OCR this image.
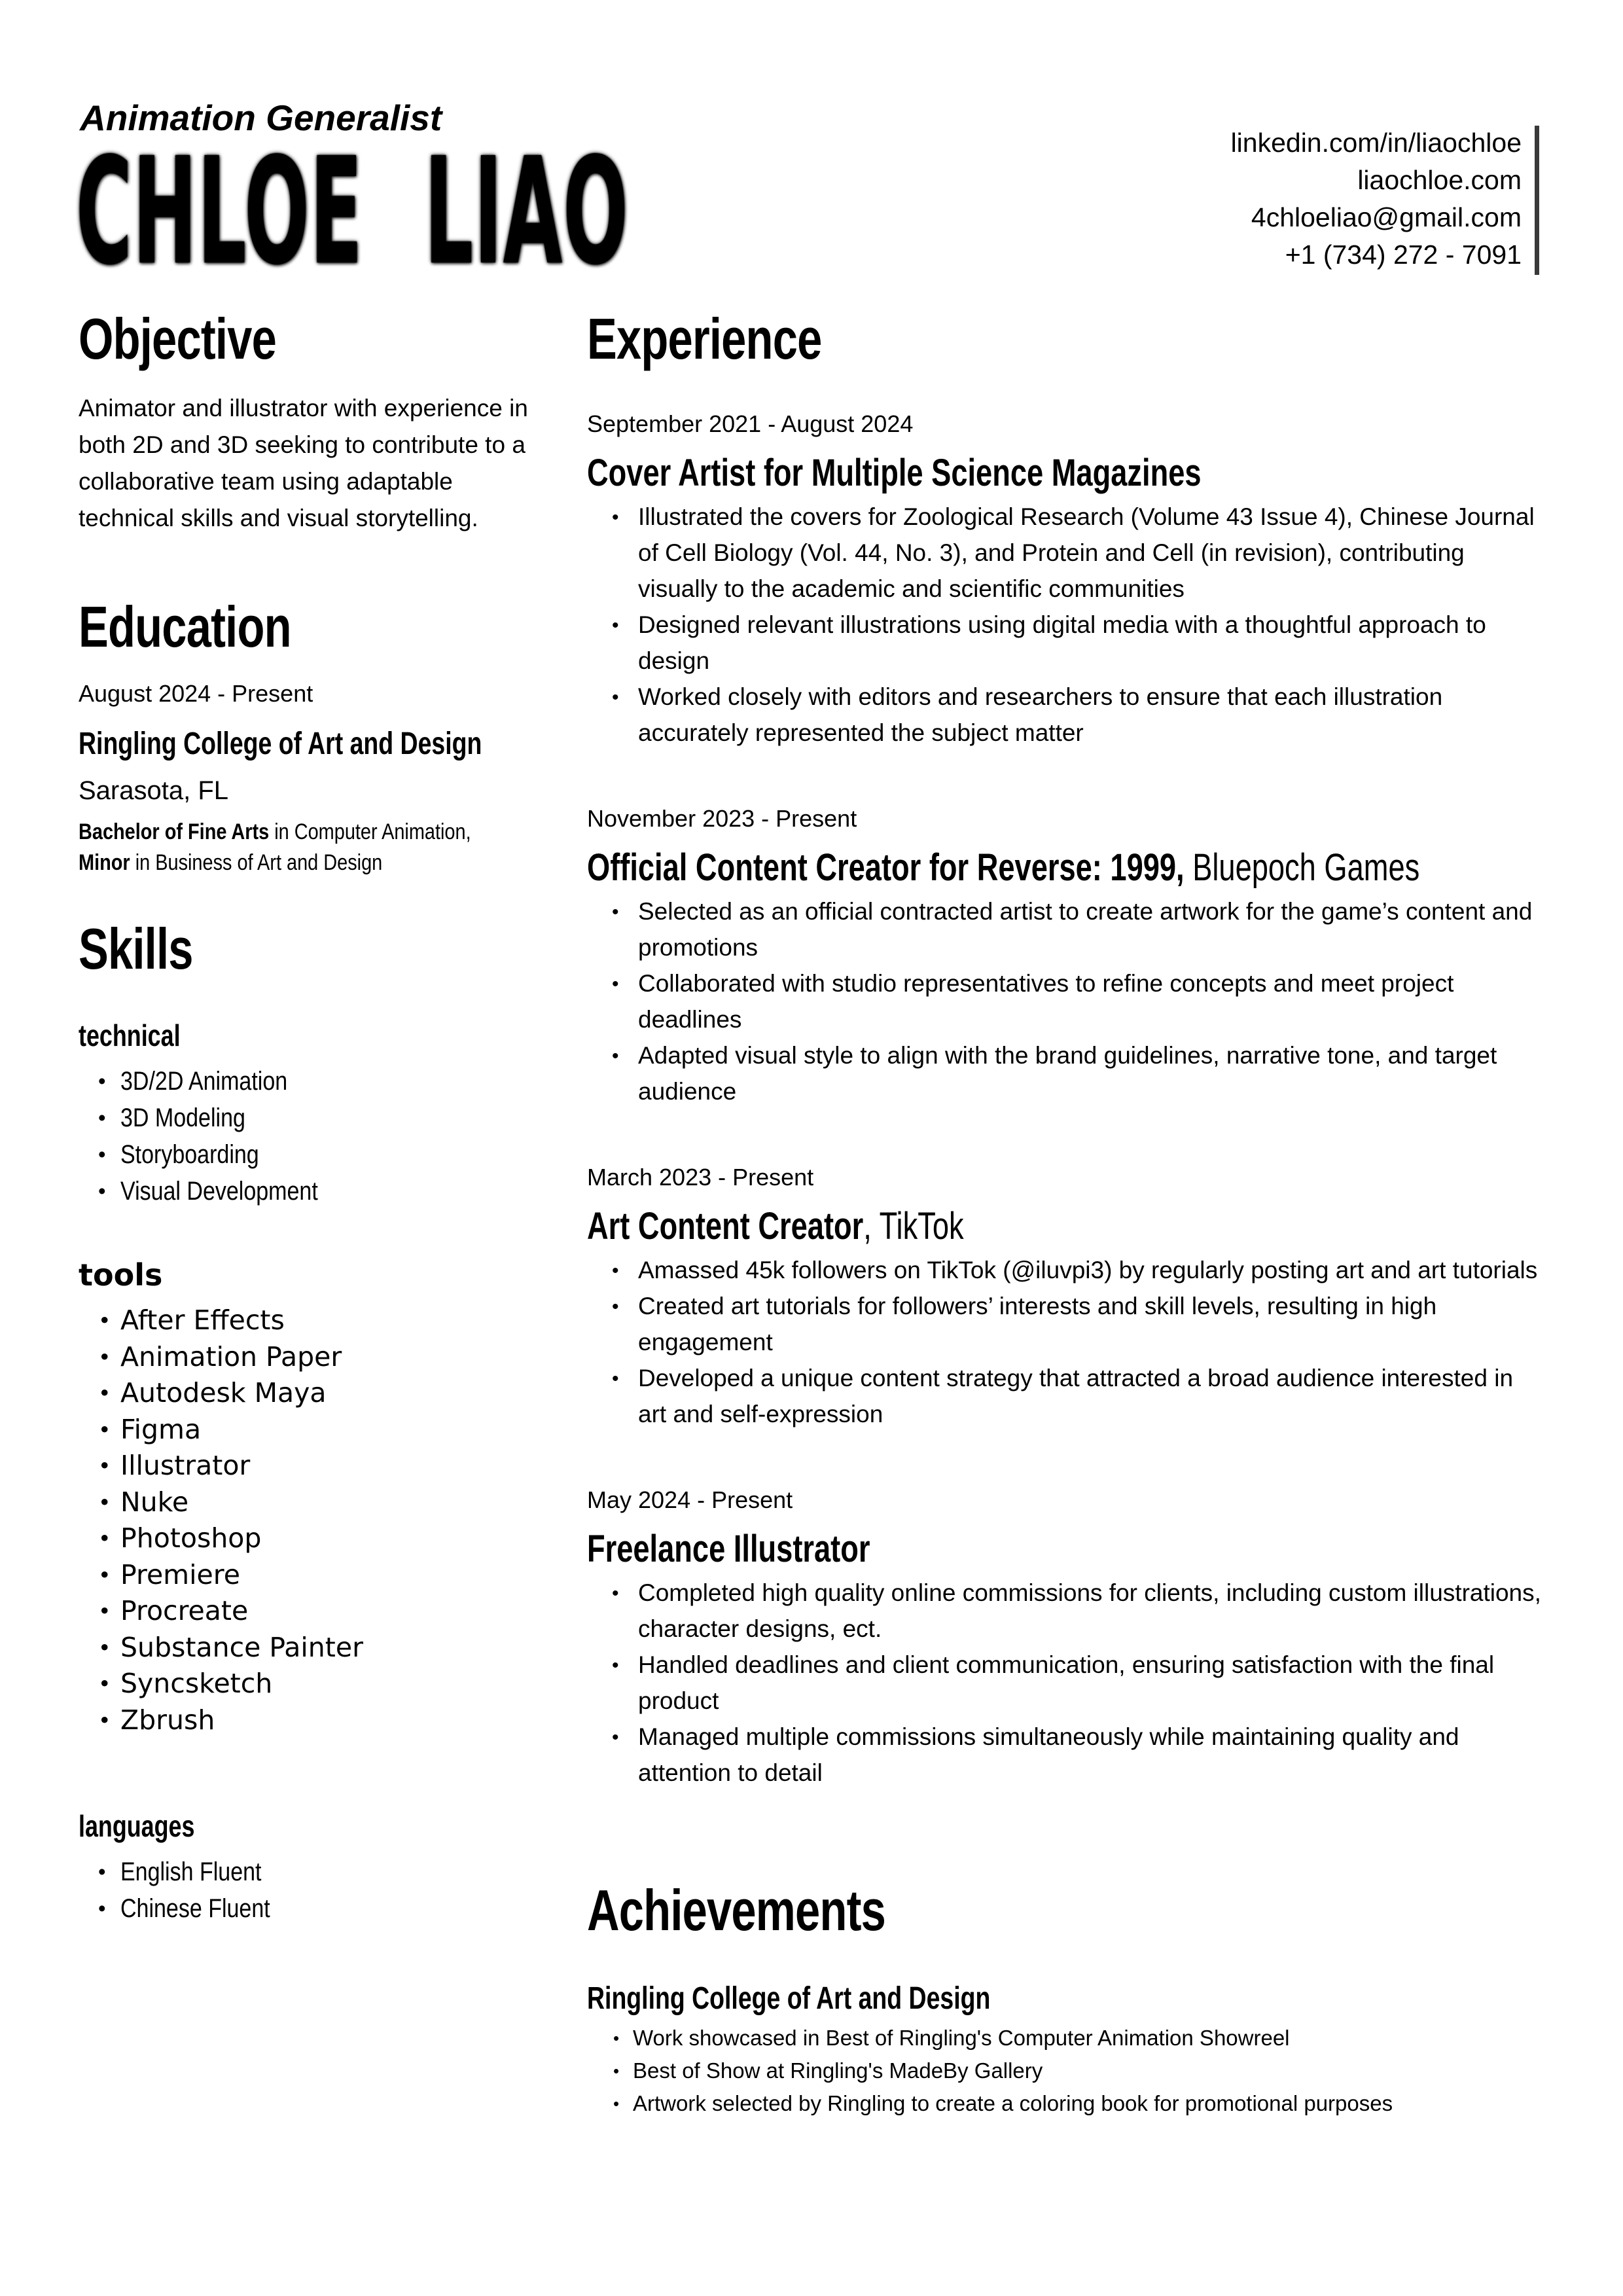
Animation Generalist
CHLOE LIAO	linkedin.com/in/liaochloe
liaochloe.com
4chloeliao@gmail.com
+1 (734) 272 - 7091
Objective

Animator and illustrator with experience in both 2D and 3D seeking to contribute to a collaborative team using adaptable technical skills and visual storytelling.

Education
August 2024 - Present
Ringling College of Art and Design
Sarasota, FL
Bachelor of Fine Arts in Computer Animation,
Minor in Business of Art and Design
Skills
technical
• 3D/2D Animation
• 3D Modeling
• Storyboarding
• Visual Development
tools
• After Effects
• Animation Paper
• Autodesk Maya
• Figma
• Illustrator
• Nuke
• Photoshop
• Premiere
• Procreate
• Substance Painter
• Syncsketch
• Zbrush
languages
• English Fluent
• Chinese Fluent
Experience
September 2021 - August 2024
Cover Artist for Multiple Science Magazines
• Illustrated the covers for Zoological Research (Volume 43 Issue 4), Chinese Journal of Cell Biology (Vol. 44, No. 3), and Protein and Cell (in revision), contributing visually to the academic and scientific communities
• Designed relevant illustrations using digital media with a thoughtful approach to design
• Worked closely with editors and researchers to ensure that each illustration accurately represented the subject matter
November 2023 - Present
Official Content Creator for Reverse: 1999, Bluepoch Games
• Selected as an official contracted artist to create artwork for the game’s content and promotions
• Collaborated with studio representatives to refine concepts and meet project deadlines
• Adapted visual style to align with the brand guidelines, narrative tone, and target audience
March 2023 - Present
Art Content Creator, TikTok
• Amassed 45k followers on TikTok (@iluvpi3) by regularly posting art and art tutorials
• Created art tutorials for followers’ interests and skill levels, resulting in high engagement
• Developed a unique content strategy that attracted a broad audience interested in art and self-expression
May 2024 - Present
Freelance Illustrator
• Completed high quality online commissions for clients, including custom illustrations, character designs, ect.
• Handled deadlines and client communication, ensuring satisfaction with the final product
• Managed multiple commissions simultaneously while maintaining quality and attention to detail
Achievements
Ringling College of Art and Design
• Work showcased in Best of Ringling's Computer Animation Showreel
• Best of Show at Ringling's MadeBy Gallery
• Artwork selected by Ringling to create a coloring book for promotional purposes
